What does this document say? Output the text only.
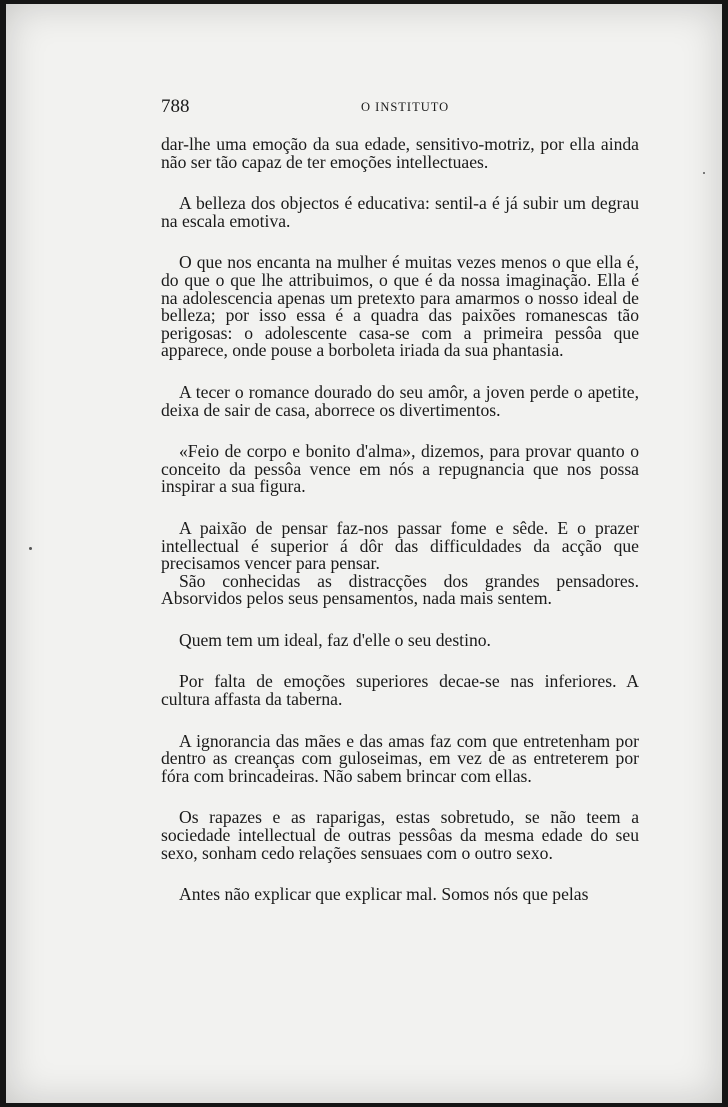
788	O INSTITUTO

dar-lhe uma emoção da sua edade, sensitivo-motriz, por ella ainda não ser tão capaz de ter emoções intellectuaes.

A belleza dos objectos é educativa: sentil-a é já subir um degrau na escala emotiva.

O que nos encanta na mulher é muitas vezes menos o que ella é, do que o que lhe attribuimos, o que é da nossa imaginação. Ella é na adolescencia apenas um pretexto para amarmos o nosso ideal de belleza; por isso essa é a quadra das paixões romanescas tão perigosas: o adolescente casa-se com a primeira pessôa que apparece, onde pouse a borboleta iriada da sua phantasia.

A tecer o romance dourado do seu amôr, a joven perde o apetite, deixa de sair de casa, aborrece os divertimentos.

«Feio de corpo e bonito d'alma», dizemos, para provar quanto o conceito da pessôa vence em nós a repugnancia que nos possa inspirar a sua figura.

A paixão de pensar faz-nos passar fome e sêde. E o prazer intellectual é superior á dôr das difficuldades da acção que precisamos vencer para pensar.

São conhecidas as distracções dos grandes pensadores. Absorvidos pelos seus pensamentos, nada mais sentem.

Quem tem um ideal, faz d'elle o seu destino.

Por falta de emoções superiores decae-se nas inferiores. A cultura affasta da taberna.

A ignorancia das mães e das amas faz com que entretenham por dentro as creanças com guloseimas, em vez de as entreterem por fóra com brincadeiras. Não sabem brincar com ellas.

Os rapazes e as raparigas, estas sobretudo, se não teem a sociedade intellectual de outras pessôas da mesma edade do seu sexo, sonham cedo relações sensuaes com o outro sexo.

Antes não explicar que explicar mal. Somos nós que pelas
